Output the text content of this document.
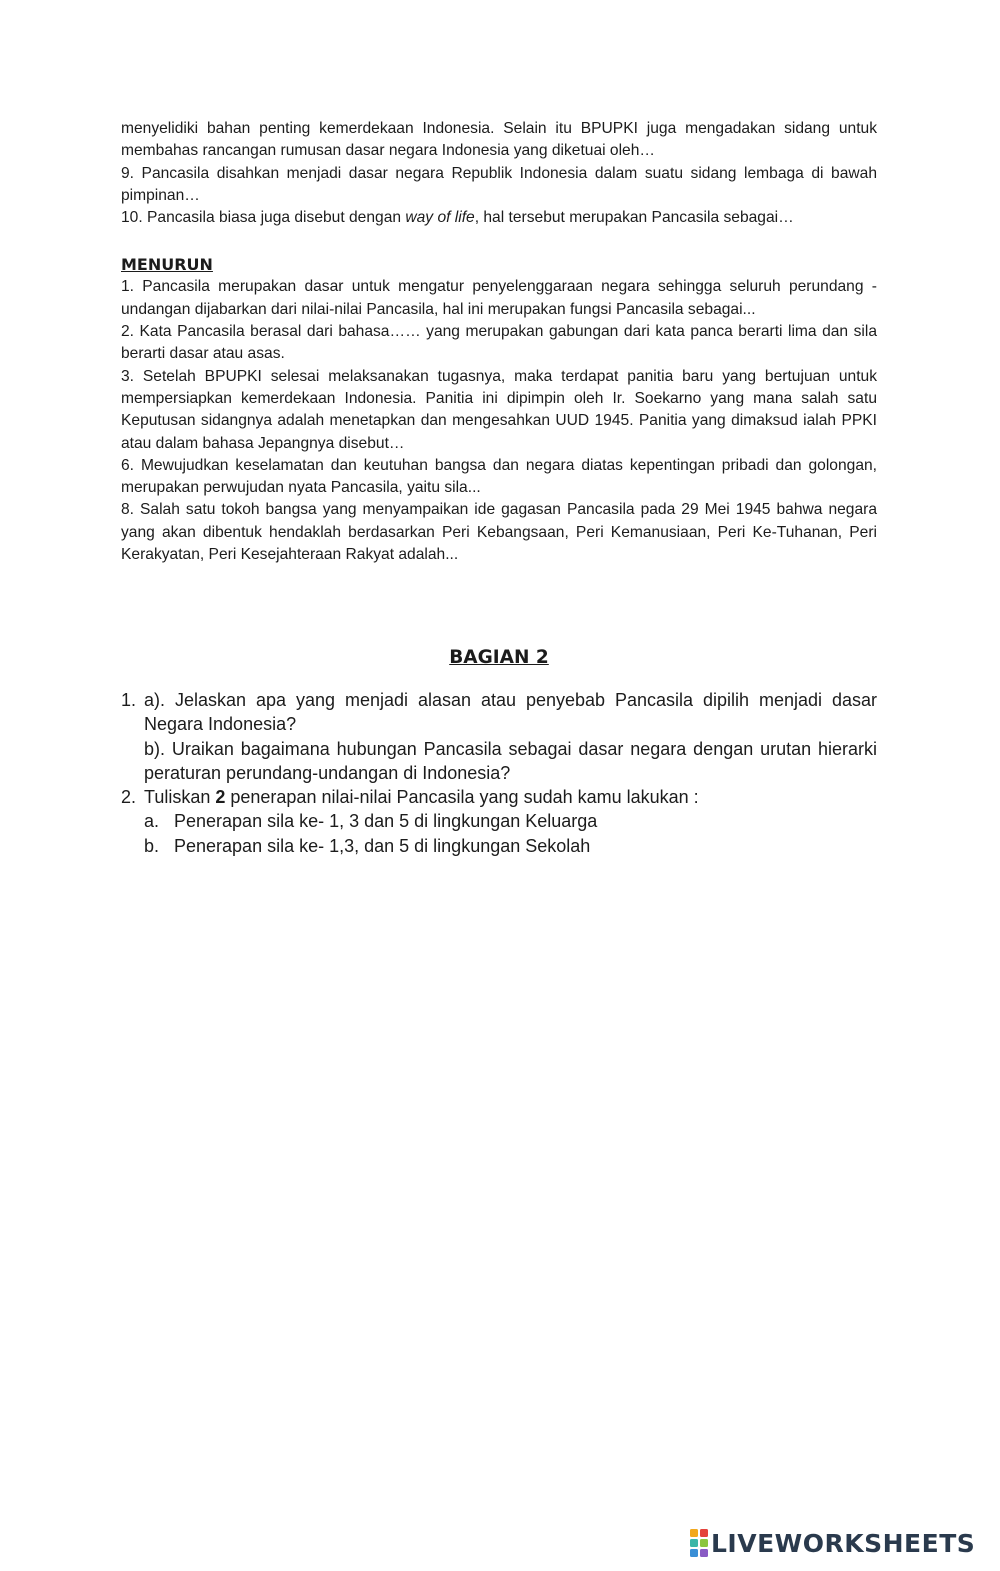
menyelidiki bahan penting kemerdekaan Indonesia. Selain itu BPUPKI juga mengadakan sidang untuk membahas rancangan rumusan dasar negara Indonesia yang diketuai oleh…

9. Pancasila disahkan menjadi dasar negara Republik Indonesia dalam suatu sidang lembaga di bawah pimpinan…

10. Pancasila biasa juga disebut dengan way of life, hal tersebut merupakan Pancasila sebagai…

MENURUN

1. Pancasila merupakan dasar untuk mengatur penyelenggaraan negara sehingga seluruh perundang - undangan dijabarkan dari nilai-nilai Pancasila, hal ini merupakan fungsi Pancasila sebagai...

2. Kata Pancasila berasal dari bahasa…… yang merupakan gabungan dari kata panca berarti lima dan sila berarti dasar atau asas.

3. Setelah BPUPKI selesai melaksanakan tugasnya, maka terdapat panitia baru yang bertujuan untuk mempersiapkan kemerdekaan Indonesia. Panitia ini dipimpin oleh Ir. Soekarno yang mana salah satu Keputusan sidangnya adalah menetapkan dan mengesahkan UUD 1945. Panitia yang dimaksud ialah PPKI atau dalam bahasa Jepangnya disebut…

6. Mewujudkan keselamatan dan keutuhan bangsa dan negara diatas kepentingan pribadi dan golongan, merupakan perwujudan nyata Pancasila, yaitu sila...

8. Salah satu tokoh bangsa yang menyampaikan ide gagasan Pancasila pada 29 Mei 1945 bahwa negara yang akan dibentuk hendaklah berdasarkan Peri Kebangsaan, Peri Kemanusiaan, Peri Ke-Tuhanan, Peri Kerakyatan, Peri Kesejahteraan Rakyat adalah...

BAGIAN 2
1. a). Jelaskan apa yang menjadi alasan atau penyebab Pancasila dipilih menjadi dasar Negara Indonesia?
b). Uraikan bagaimana hubungan Pancasila sebagai dasar negara dengan urutan hierarki peraturan perundang-undangan di Indonesia?
2. Tuliskan 2 penerapan nilai-nilai Pancasila yang sudah kamu lakukan :
a. Penerapan sila ke- 1, 3 dan 5 di lingkungan Keluarga
b. Penerapan sila ke- 1,3, dan 5 di lingkungan Sekolah
LIVEWORKSHEETS
